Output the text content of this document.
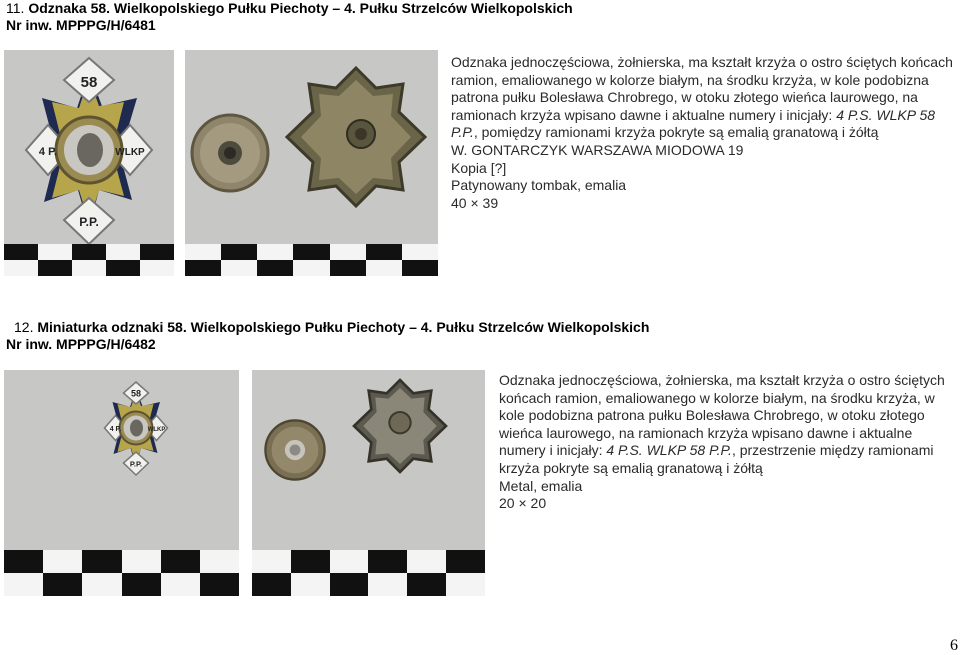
11. Odznaka 58. Wielkopolskiego Pułku Piechoty – 4. Pułku Strzelców Wielkopolskich
Nr inw. MPPPG/H/6481
58
4 P.	WLKP
P.P.

Odznaka jednoczęściowa, żołnierska, ma kształt krzyża o ostro ściętych końcach ramion, emaliowanego w kolorze białym, na środku krzyża, w kole podobizna patrona pułku Bolesława Chrobrego, w otoku złotego wieńca laurowego, na ramionach krzyża wpisano dawne i aktualne numery i inicjały: 4 P.S. WLKP 58 P.P., pomiędzy ramionami krzyża pokryte są emalią granatową i żółtą

W. GONTARCZYK WARSZAWA MIODOWA 19

Kopia [?]

Patynowany tombak, emalia

40 × 39

12. Miniaturka odznaki 58. Wielkopolskiego Pułku Piechoty – 4. Pułku Strzelców Wielkopolskich
Nr inw. MPPPG/H/6482
58
4 P. WLKP
P.P.

Odznaka jednoczęściowa, żołnierska, ma kształt krzyża o ostro ściętych końcach ramion, emaliowanego w kolorze białym, na środku krzyża, w kole podobizna patrona pułku Bolesława Chrobrego, w otoku złotego wieńca laurowego, na ramionach krzyża wpisano dawne i aktualne numery i inicjały: 4 P.S. WLKP 58 P.P., przestrzenie między ramionami krzyża pokryte są emalią granatową i żółtą

Metal, emalia

20 × 20

6
